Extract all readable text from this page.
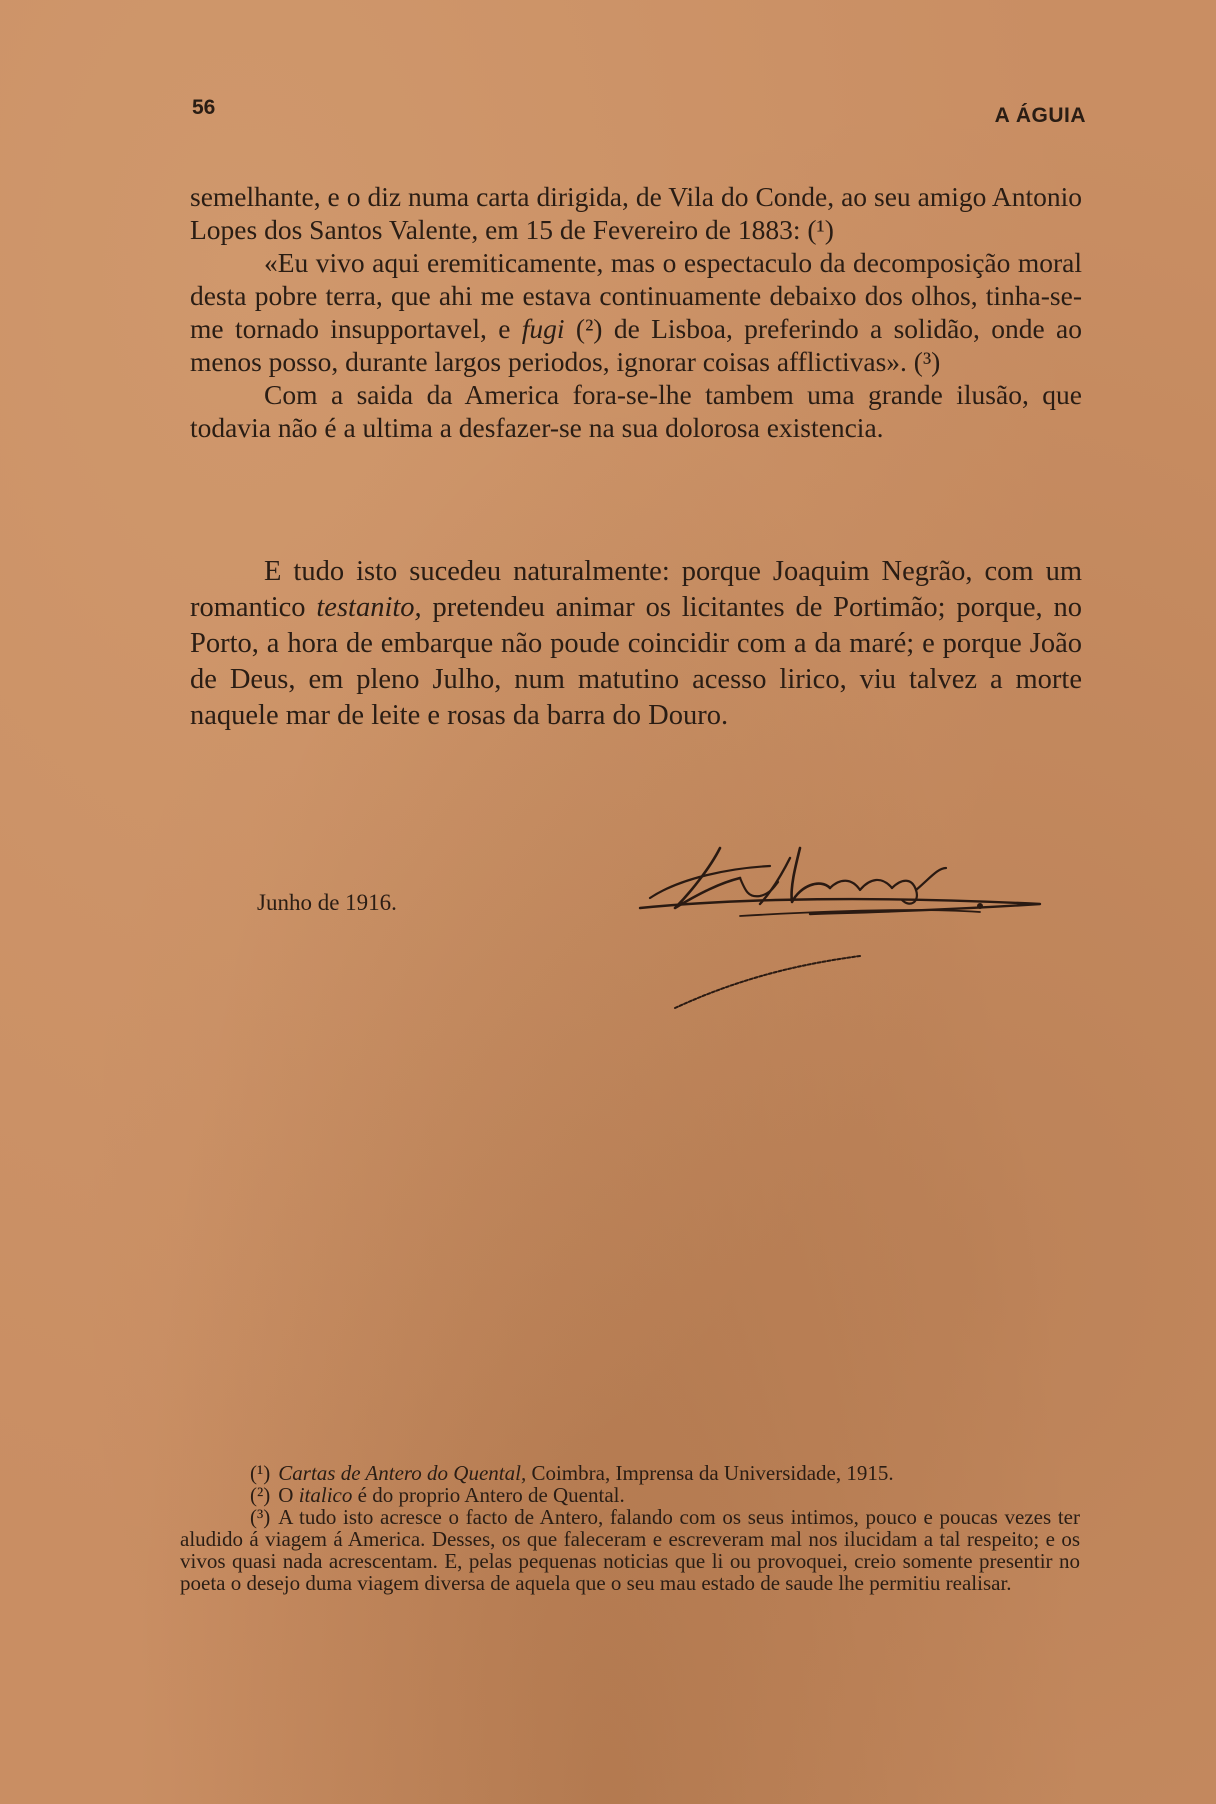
56	A ÁGUIA

semelhante, e o diz numa carta dirigida, de Vila do Conde, ao seu amigo Antonio Lopes dos Santos Valente, em 15 de Fevereiro de 1883: (¹)

«Eu vivo aqui eremiticamente, mas o espectaculo da decomposição moral desta pobre terra, que ahi me estava continuamente debaixo dos olhos, tinha-se-me tornado insupportavel, e fugi (²) de Lisboa, preferindo a solidão, onde ao menos posso, durante largos periodos, ignorar coisas afflictivas». (³)

Com a saida da America fora-se-lhe tambem uma grande ilusão, que todavia não é a ultima a desfazer-se na sua dolorosa existencia.

E tudo isto sucedeu naturalmente: porque Joaquim Negrão, com um romantico testanito, pretendeu animar os licitantes de Portimão; porque, no Porto, a hora de embarque não poude coincidir com a da maré; e porque João de Deus, em pleno Julho, num matutino acesso lirico, viu talvez a morte naquele mar de leite e rosas da barra do Douro.

Junho de 1916.

(¹) Cartas de Antero do Quental, Coimbra, Imprensa da Universidade, 1915.

(²) O italico é do proprio Antero de Quental.

(³) A tudo isto acresce o facto de Antero, falando com os seus intimos, pouco e poucas vezes ter aludido á viagem á America. Desses, os que faleceram e escreveram mal nos ilucidam a tal respeito; e os vivos quasi nada acrescentam. E, pelas pequenas noticias que li ou provoquei, creio somente presentir no poeta o desejo duma viagem diversa de aquela que o seu mau estado de saude lhe permitiu realisar.
